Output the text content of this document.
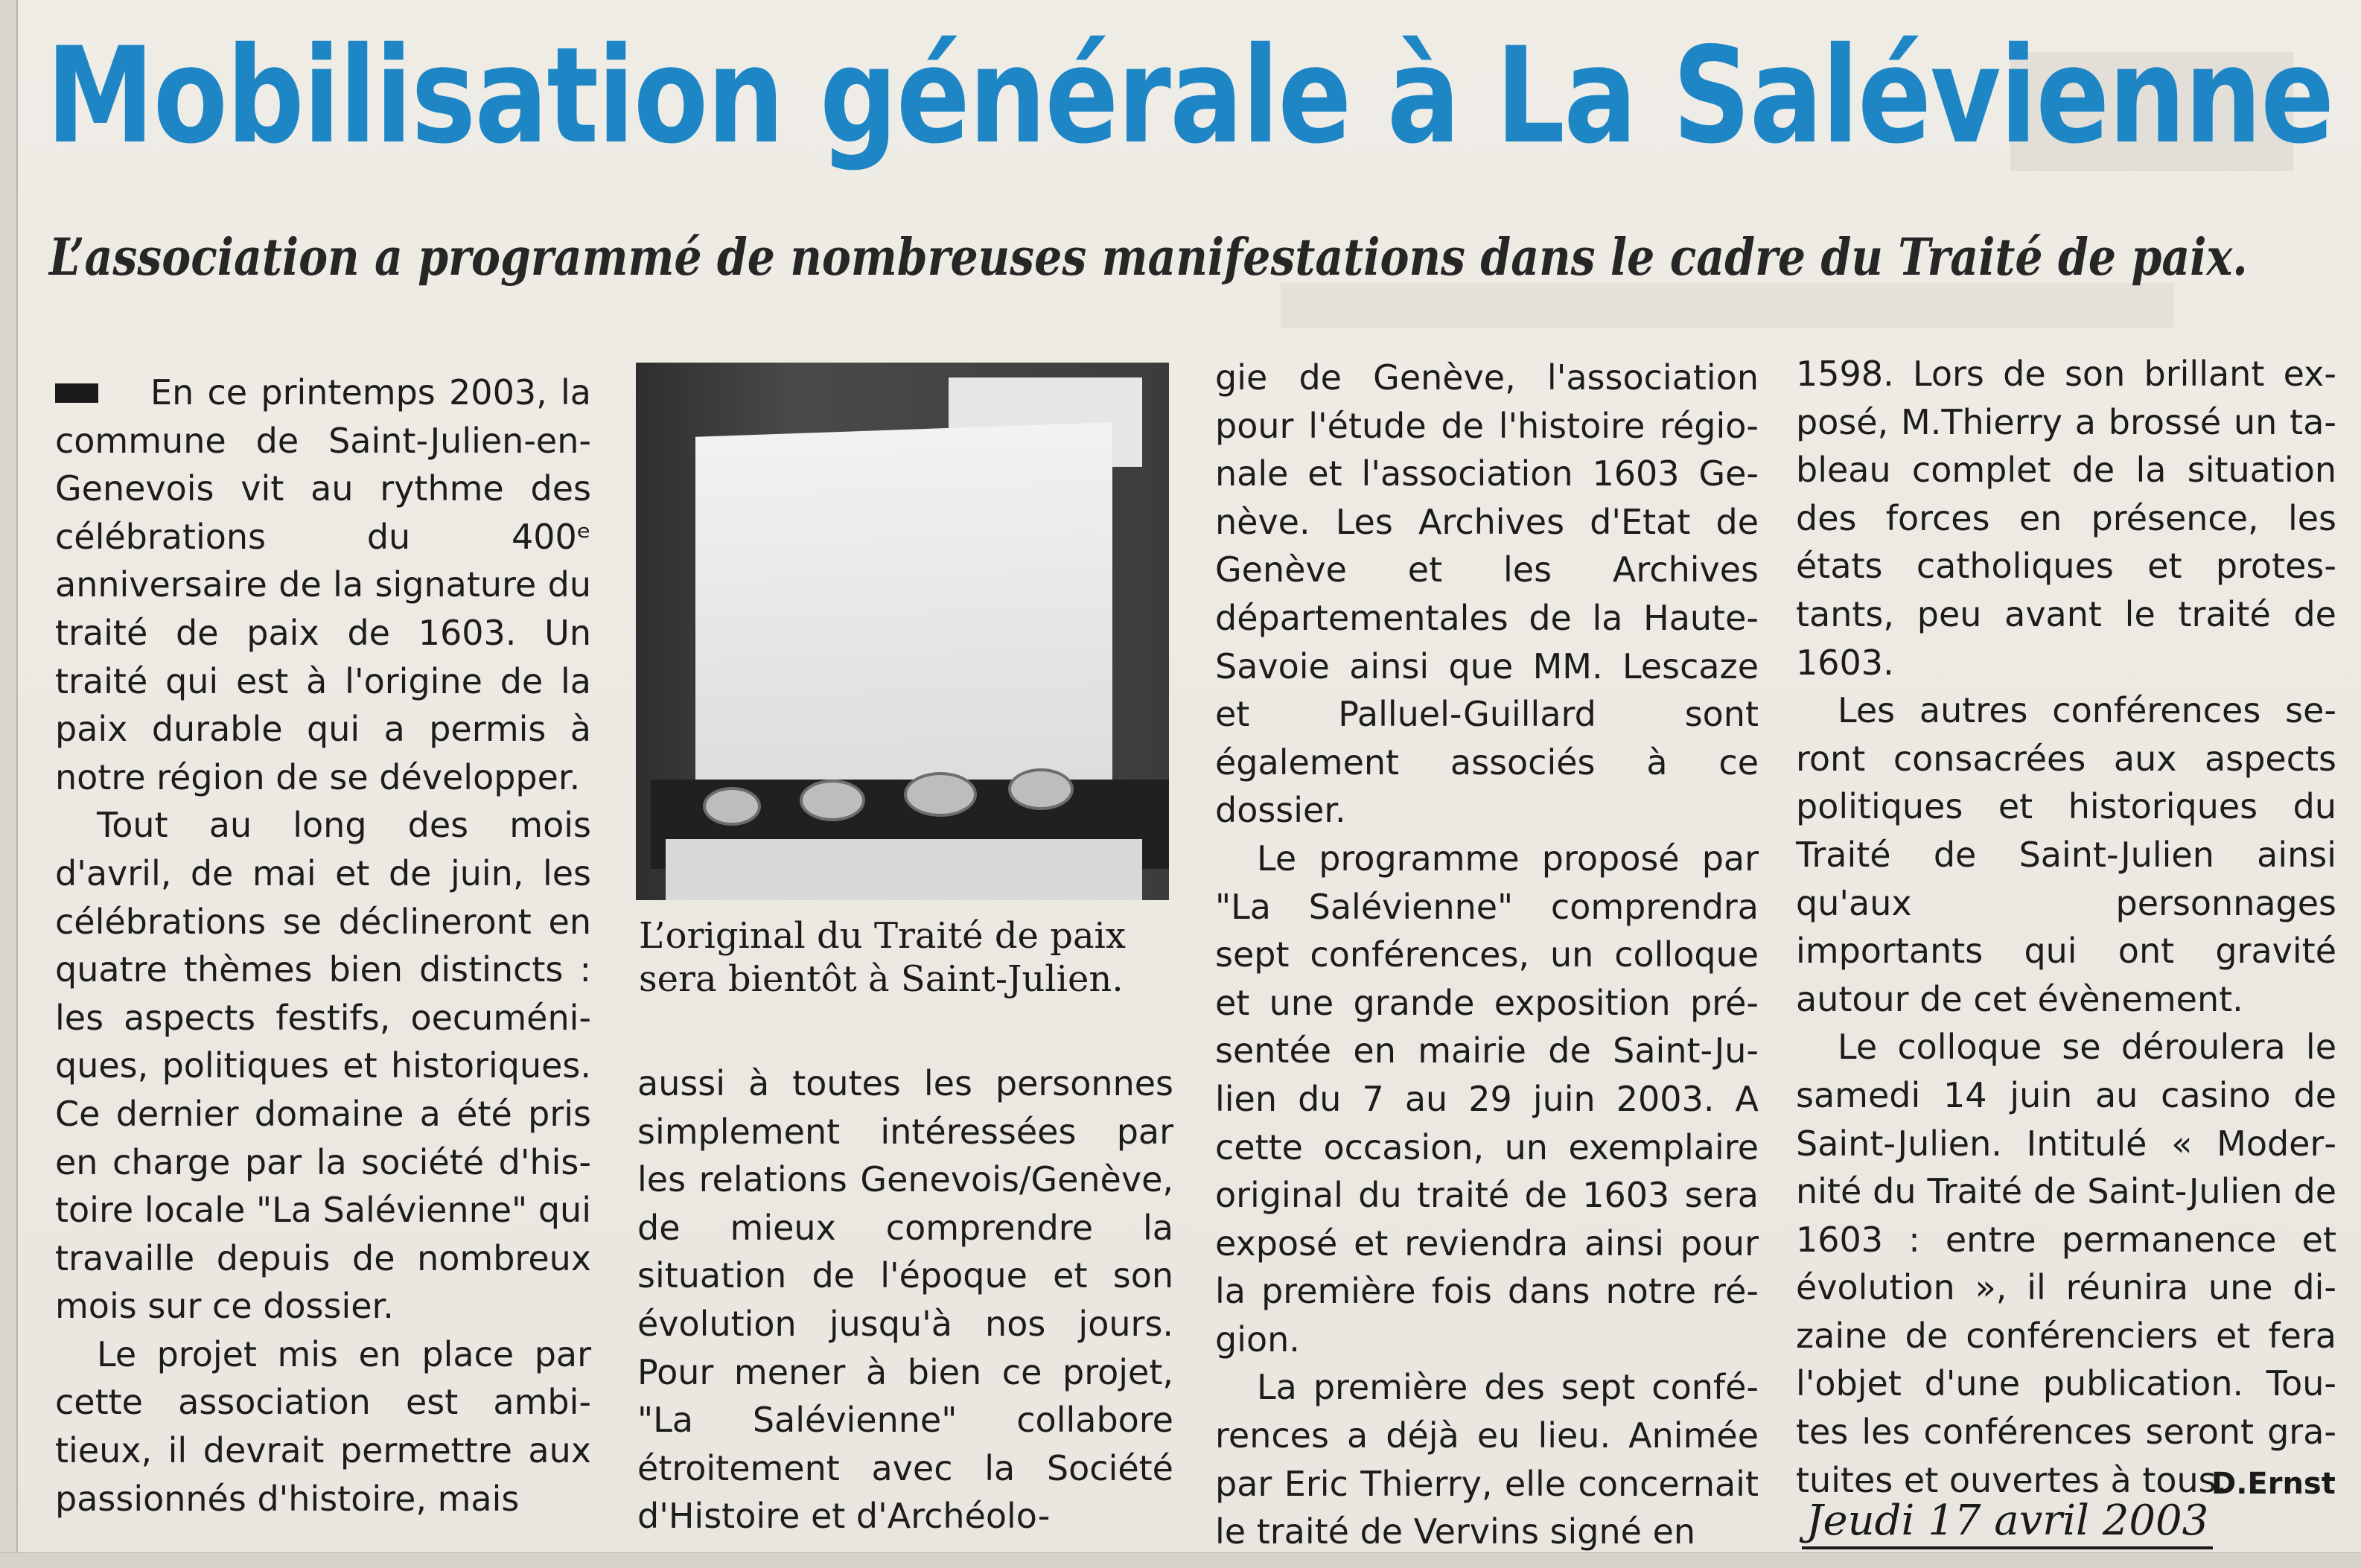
Mobilisation générale à La Salévienne
L’association a programmé de nombreuses manifestations dans le cadre du Traité de paix.

En ce printemps 2003, la commune de Saint-Julien-en-Genevois vit au rythme des célébrations du 400ᵉ anniversaire de la signature du traité de paix de 1603. Un traité qui est à l'origine de la paix durable qui a permis à notre région de se développer.

Tout au long des mois d'avril, de mai et de juin, les célébrations se déclineront en quatre thèmes bien distincts : les aspects festifs, oecuméniques, politiques et historiques. Ce dernier domaine a été pris en charge par la société d'histoire locale "La Salévienne" qui travaille depuis de nombreux mois sur ce dossier.

Le projet mis en place par cette association est ambitieux, il devrait permettre aux passionnés d'histoire, mais

L’original du Traité de paix sera bientôt à Saint-Julien.

aussi à toutes les personnes simplement intéressées par les relations Genevois/Genève, de mieux comprendre la situation de l'époque et son évolution jusqu'à nos jours. Pour mener à bien ce projet, "La Salévienne" collabore étroitement avec la Société d'Histoire et d'Archéolo-

gie de Genève, l'association pour l'étude de l'histoire régionale et l'association 1603 Genève. Les Archives d'Etat de Genève et les Archives départementales de la Haute-Savoie ainsi que MM. Lescaze et Palluel-Guillard sont également associés à ce dossier.

Le programme proposé par "La Salévienne" comprendra sept conférences, un colloque et une grande exposition présentée en mairie de Saint-Julien du 7 au 29 juin 2003. A cette occasion, un exemplaire original du traité de 1603 sera exposé et reviendra ainsi pour la première fois dans notre région.

La première des sept conférences a déjà eu lieu. Animée par Eric Thierry, elle concernait le traité de Vervins signé en

1598. Lors de son brillant exposé, M.Thierry a brossé un tableau complet de la situation des forces en présence, les états catholiques et protestants, peu avant le traité de 1603.

Les autres conférences seront consacrées aux aspects politiques et historiques du Traité de Saint-Julien ainsi qu'aux personnages importants qui ont gravité autour de cet évènement.

Le colloque se déroulera le samedi 14 juin au casino de Saint-Julien. Intitulé « Modernité du Traité de Saint-Julien de 1603 : entre permanence et évolution », il réunira une dizaine de conférenciers et fera l'objet d'une publication. Toutes les conférences seront gratuites et ouvertes à tous.

D.Ernst
Jeudi 17 avril 2003
